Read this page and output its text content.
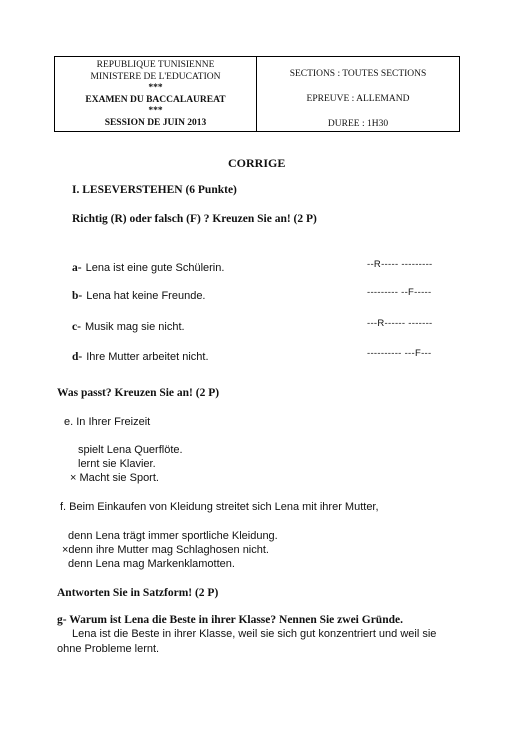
REPUBLIQUE TUNISIENNE
MINISTERE DE L'EDUCATION
***
EXAMEN DU BACCALAUREAT
***
SESSION DE JUIN 2013
SECTIONS : TOUTES SECTIONS
EPREUVE : ALLEMAND
DUREE : 1H30
CORRIGE
I. LESEVERSTEHEN (6 Punkte)
Richtig (R) oder falsch (F) ? Kreuzen Sie an! (2 P)
a- Lena ist eine gute Schülerin.	--R----- ---------
b- Lena hat keine Freunde.	--------- --F-----
c- Musik mag sie nicht.	---R------ -------
d- Ihre Mutter arbeitet nicht.	---------- ---F---
Was passt? Kreuzen Sie an! (2 P)
e. In Ihrer Freizeit
spielt Lena Querflöte.
lernt sie Klavier.
× Macht sie Sport.
f. Beim Einkaufen von Kleidung streitet sich Lena mit ihrer Mutter,
denn Lena trägt immer sportliche Kleidung.
×denn ihre Mutter mag Schlaghosen nicht.
denn Lena mag Markenklamotten.
Antworten Sie in Satzform! (2 P)
g- Warum ist Lena die Beste in ihrer Klasse? Nennen Sie zwei Gründe.
Lena ist die Beste in ihrer Klasse, weil sie sich gut konzentriert und weil sie
ohne Probleme lernt.
